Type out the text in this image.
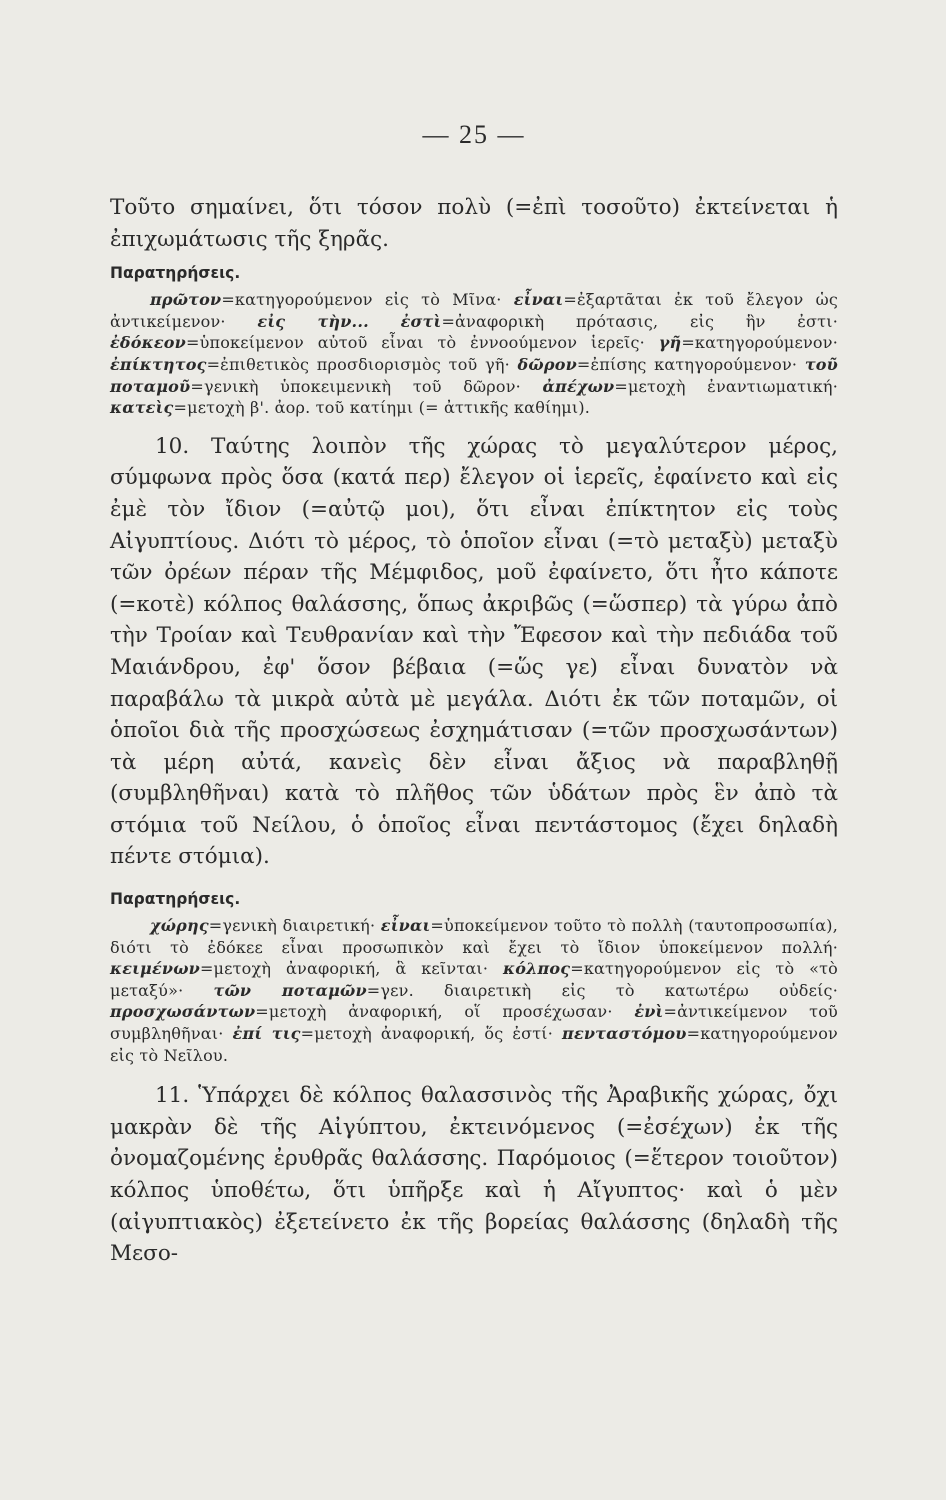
— 25 —

Τοῦτο σημαίνει, ὅτι τόσον πολὺ (=ἐπὶ τοσοῦτο) ἐκτείνεται ἡ ἐπιχωμάτωσις τῆς ξηρᾶς.

Παρατηρήσεις.

πρῶτον=κατηγορούμενον εἰς τὸ Μῖνα· εἶναι=ἐξαρτᾶται ἐκ τοῦ ἔλεγον ὡς ἀντικείμενον· εἰς τὴν... ἐστὶ=ἀναφορικὴ πρότασις, εἰς ἣν ἐστι· ἐδόκεον=ὑποκείμενον αὐτοῦ εἶναι τὸ ἐννοούμενον ἱερεῖς· γῆ=κατηγορούμενον· ἐπίκτητος=ἐπιθετικὸς προσδιορισμὸς τοῦ γῆ· δῶρον=ἐπίσης κατηγορούμενον· τοῦ ποταμοῦ=γενικὴ ὑποκειμενικὴ τοῦ δῶρον· ἀπέχων=μετοχὴ ἐναντιωματική· κατεὶς=μετοχὴ β'. ἀορ. τοῦ κατίημι (= ἀττικῆς καθίημι).

10. Ταύτης λοιπὸν τῆς χώρας τὸ μεγαλύτερον μέρος, σύμφωνα πρὸς ὅσα (κατά περ) ἔλεγον οἱ ἱερεῖς, ἐφαίνετο καὶ εἰς ἐμὲ τὸν ἴδιον (=αὐτῷ μοι), ὅτι εἶναι ἐπίκτητον εἰς τοὺς Αἰγυπτίους. Διότι τὸ μέρος, τὸ ὁποῖον εἶναι (=τὸ μεταξὺ) μεταξὺ τῶν ὀρέων πέραν τῆς Μέμφιδος, μοῦ ἐφαίνετο, ὅτι ἦτο κάποτε (=κοτὲ) κόλπος θαλάσσης, ὅπως ἀκριβῶς (=ὥσπερ) τὰ γύρω ἀπὸ τὴν Τροίαν καὶ Τευθρανίαν καὶ τὴν Ἔφεσον καὶ τὴν πεδιάδα τοῦ Μαιάνδρου, ἐφ' ὅσον βέβαια (=ὥς γε) εἶναι δυνατὸν νὰ παραβάλω τὰ μικρὰ αὐτὰ μὲ μεγάλα. Διότι ἐκ τῶν ποταμῶν, οἱ ὁποῖοι διὰ τῆς προσχώσεως ἐσχημάτισαν (=τῶν προσχωσάντων) τὰ μέρη αὐτά, κανεὶς δὲν εἶναι ἄξιος νὰ παραβληθῇ (συμβληθῆναι) κατὰ τὸ πλῆθος τῶν ὑδάτων πρὸς ἓν ἀπὸ τὰ στόμια τοῦ Νείλου, ὁ ὁποῖος εἶναι πεντάστομος (ἔχει δηλαδὴ πέντε στόμια).

Παρατηρήσεις.

χώρης=γενικὴ διαιρετική· εἶναι=ὑποκείμενον τοῦτο τὸ πολλὴ (ταυτοπροσωπία), διότι τὸ ἐδόκεε εἶναι προσωπικὸν καὶ ἔχει τὸ ἴδιον ὑποκείμενον πολλή· κειμένων=μετοχὴ ἀναφορική, ἃ κεῖνται· κόλπος=κατηγορούμενον εἰς τὸ «τὸ μεταξύ»· τῶν ποταμῶν=γεν. διαιρετικὴ εἰς τὸ κατωτέρω οὐδείς· προσχωσάντων=μετοχὴ ἀναφορική, οἵ προσέχωσαν· ἐνὶ=ἀντικείμενον τοῦ συμβληθῆναι· ἐπί τις=μετοχὴ ἀναφορική, ὅς ἐστί· πενταστόμου=κατηγορούμενον εἰς τὸ Νεῖλου.

11. Ὑπάρχει δὲ κόλπος θαλασσινὸς τῆς Ἀραβικῆς χώρας, ὄχι μακρὰν δὲ τῆς Αἰγύπτου, ἐκτεινόμενος (=ἐσέχων) ἐκ τῆς ὀνομαζομένης ἐρυθρᾶς θαλάσσης. Παρόμοιος (=ἕτερον τοιοῦτον) κόλπος ὑποθέτω, ὅτι ὑπῆρξε καὶ ἡ Αἴγυπτος· καὶ ὁ μὲν (αἰγυπτιακὸς) ἐξετείνετο ἐκ τῆς βορείας θαλάσσης (δηλαδὴ τῆς Μεσο-
